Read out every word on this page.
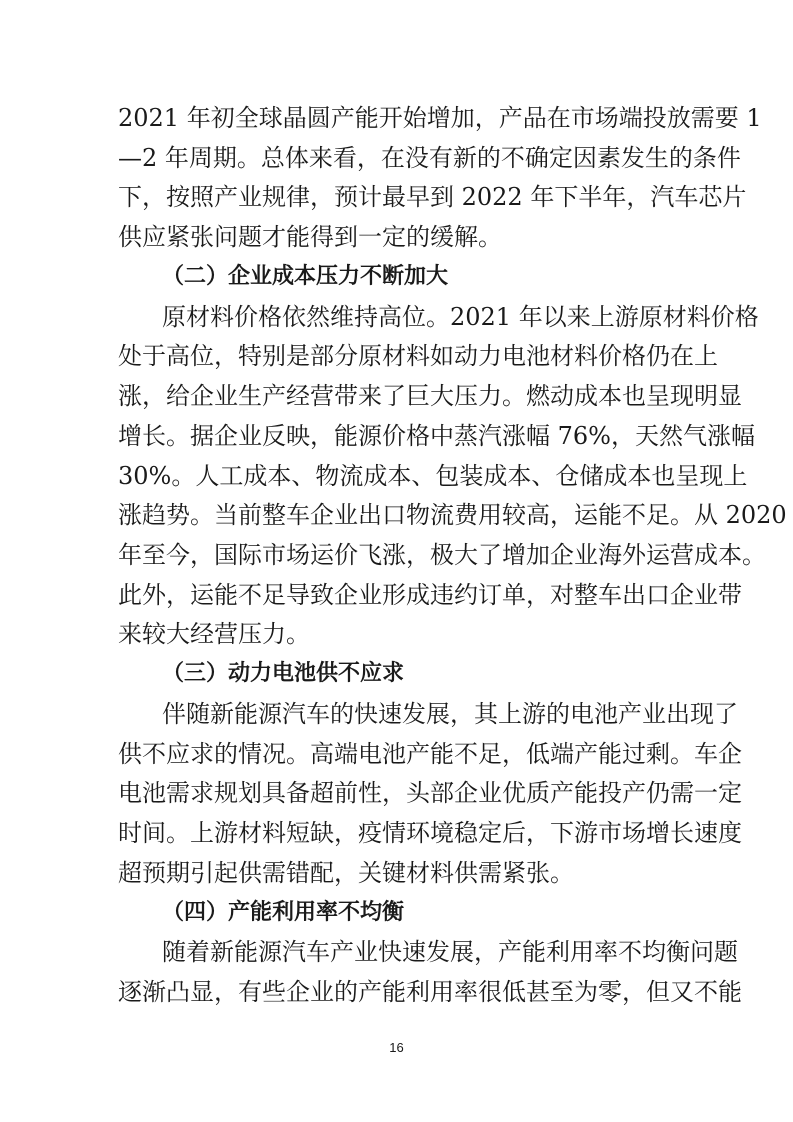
2021 年初全球晶圆产能开始增加，产品在市场端投放需要 1
—2 年周期。总体来看，在没有新的不确定因素发生的条件
下，按照产业规律，预计最早到 2022 年下半年，汽车芯片
供应紧张问题才能得到一定的缓解。
（二）企业成本压力不断加大
原材料价格依然维持高位。2021 年以来上游原材料价格
处于高位，特别是部分原材料如动力电池材料价格仍在上
涨，给企业生产经营带来了巨大压力。燃动成本也呈现明显
增长。据企业反映，能源价格中蒸汽涨幅 76%，天然气涨幅
30%。人工成本、物流成本、包装成本、仓储成本也呈现上
涨趋势。当前整车企业出口物流费用较高，运能不足。从 2020
年至今，国际市场运价飞涨，极大了增加企业海外运营成本。
此外，运能不足导致企业形成违约订单，对整车出口企业带
来较大经营压力。
（三）动力电池供不应求
伴随新能源汽车的快速发展，其上游的电池产业出现了
供不应求的情况。高端电池产能不足，低端产能过剩。车企
电池需求规划具备超前性，头部企业优质产能投产仍需一定
时间。上游材料短缺，疫情环境稳定后，下游市场增长速度
超预期引起供需错配，关键材料供需紧张。
（四）产能利用率不均衡
随着新能源汽车产业快速发展，产能利用率不均衡问题
逐渐凸显，有些企业的产能利用率很低甚至为零，但又不能
16
